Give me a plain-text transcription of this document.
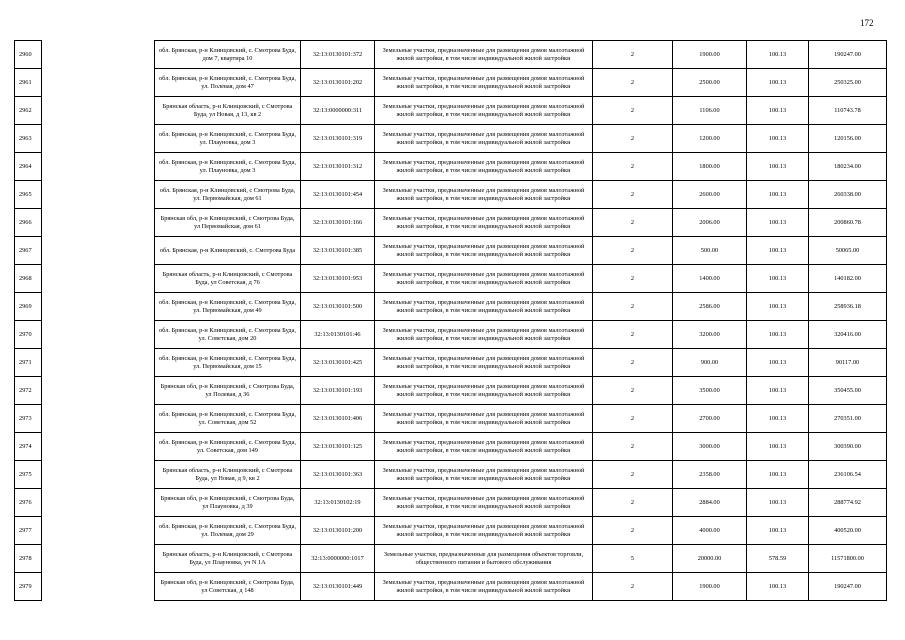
172
2960		обл. Брянская, р-н Клинцовский, с. Смотрова Буда, дом 7, квартира 10	32:13:0130101:372	Земельные участки, предназначенные для размещения домов малоэтажной жилой застройки, в том числе индивидуальной жилой застройки	2	1900.00	100.13	190247.00
2961		обл. Брянская, р-н Клинцовский, с. Смотрова Буда, ул. Полевая, дом 47	32:13:0130101:202	Земельные участки, предназначенные для размещения домов малоэтажной жилой застройки, в том числе индивидуальной жилой застройки	2	2500.00	100.13	250325.00
2962		Брянская область, р-н Клинцовский, с Смотрова Буда, ул Новая, д 13, кв 2	32:13:0000000:311	Земельные участки, предназначенные для размещения домов малоэтажной жилой застройки, в том числе индивидуальной жилой застройки	2	1106.00	100.13	110743.78
2963		обл. Брянская, р-н Клинцовский, с. Смотрова Буда, ул. Плауновка, дом 3	32:13:0130101:319	Земельные участки, предназначенные для размещения домов малоэтажной жилой застройки, в том числе индивидуальной жилой застройки	2	1200.00	100.13	120156.00
2964		обл. Брянская, р-н Клинцовский, с. Смотрова Буда, ул. Плауновка, дом 3	32:13:0130101:312	Земельные участки, предназначенные для размещения домов малоэтажной жилой застройки, в том числе индивидуальной жилой застройки	2	1800.00	100.13	180234.00
2965		обл. Брянская, р-н Клинцовский, с Смотрова Буда, ул. Первомайская, дом 61	32:13:0130101:454	Земельные участки, предназначенные для размещения домов малоэтажной жилой застройки, в том числе индивидуальной жилой застройки	2	2600.00	100.13	260338.00
2966		Брянская обл, р-н Клинцовский, с Смотрова Буда, ул Первомайская, дом 61	32:13:0130101:166	Земельные участки, предназначенные для размещения домов малоэтажной жилой застройки, в том числе индивидуальной жилой застройки	2	2006.00	100.13	200860.78
2967		обл. Брянская, р-н Клинцовский, с. Смотрова Буда	32:13:0130101:385	Земельные участки, предназначенные для размещения домов малоэтажной жилой застройки, в том числе индивидуальной жилой застройки	2	500.00	100.13	50065.00
2968		Брянская область, р-н Клинцовский, с Смотрова Буда, ул Советская, д 76	32:13:0130101:953	Земельные участки, предназначенные для размещения домов малоэтажной жилой застройки, в том числе индивидуальной жилой застройки	2	1400.00	100.13	140182.00
2969		обл. Брянская, р-н Клинцовский, с. Смотрова Буда, ул. Первомайская, дом 49	32:13:0130101:500	Земельные участки, предназначенные для размещения домов малоэтажной жилой застройки, в том числе индивидуальной жилой застройки	2	2586.00	100.13	258936.18
2970		обл. Брянская, р-н Клинцовский, с. Смотрова Буда, ул. Советская, дом 20	32:13:0130101:46	Земельные участки, предназначенные для размещения домов малоэтажной жилой застройки, в том числе индивидуальной жилой застройки	2	3200.00	100.13	320416.00
2971		обл. Брянская, р-н Клинцовский, с. Смотрова Буда, ул. Первомайская, дом 15	32:13:0130101:425	Земельные участки, предназначенные для размещения домов малоэтажной жилой застройки, в том числе индивидуальной жилой застройки	2	900.00	100.13	90117.00
2972		Брянская обл, р-н Клинцовский, с Смотрова Буда, ул Полевая, д 36	32:13:0130101:193	Земельные участки, предназначенные для размещения домов малоэтажной жилой застройки, в том числе индивидуальной жилой застройки	2	3500.00	100.13	350455.00
2973		обл. Брянская, р-н Клинцовский, с. Смотрова Буда, ул. Советская, дом 52	32:13:0130101:406	Земельные участки, предназначенные для размещения домов малоэтажной жилой застройки, в том числе индивидуальной жилой застройки	2	2700.00	100.13	270351.00
2974		обл. Брянская, р-н Клинцовский, с. Смотрова Буда, ул. Советская, дом 149	32:13:0130101:125	Земельные участки, предназначенные для размещения домов малоэтажной жилой застройки, в том числе индивидуальной жилой застройки	2	3000.00	100.13	300390.00
2975		Брянская область, р-н Клинцовский, с Смотрова Буда, ул Новая, д 9, кв 2	32:13:0130101:363	Земельные участки, предназначенные для размещения домов малоэтажной жилой застройки, в том числе индивидуальной жилой застройки	2	2358.00	100.13	236106.54
2976		Брянская обл, р-н Клинцовский, с Смотрова Буда, ул Плауновка, д 39	32:13:0130102:19	Земельные участки, предназначенные для размещения домов малоэтажной жилой застройки, в том числе индивидуальной жилой застройки	2	2884.00	100.13	288774.92
2977		обл. Брянская, р-н Клинцовский, с. Смотрова Буда, ул. Полевая, дом 29	32:13:0130101:200	Земельные участки, предназначенные для размещения домов малоэтажной жилой застройки, в том числе индивидуальной жилой застройки	2	4000.00	100.13	400520.00
2978		Брянская область, р-н Клинцовский, с Смотрова Буда, ул Плауновка, уч N 1А	32:13:0000000:1017	Земельные участки, предназначенные для размещения объектов торговли, общественного питания и бытового обслуживания	5	20000.00	578.59	11571800.00
2979		Брянская обл, р-н Клинцовский, с Смотрова Буда, ул Советская, д 148	32:13:0130101:449	Земельные участки, предназначенные для размещения домов малоэтажной жилой застройки, в том числе индивидуальной жилой застройки	2	1900.00	100.13	190247.00
